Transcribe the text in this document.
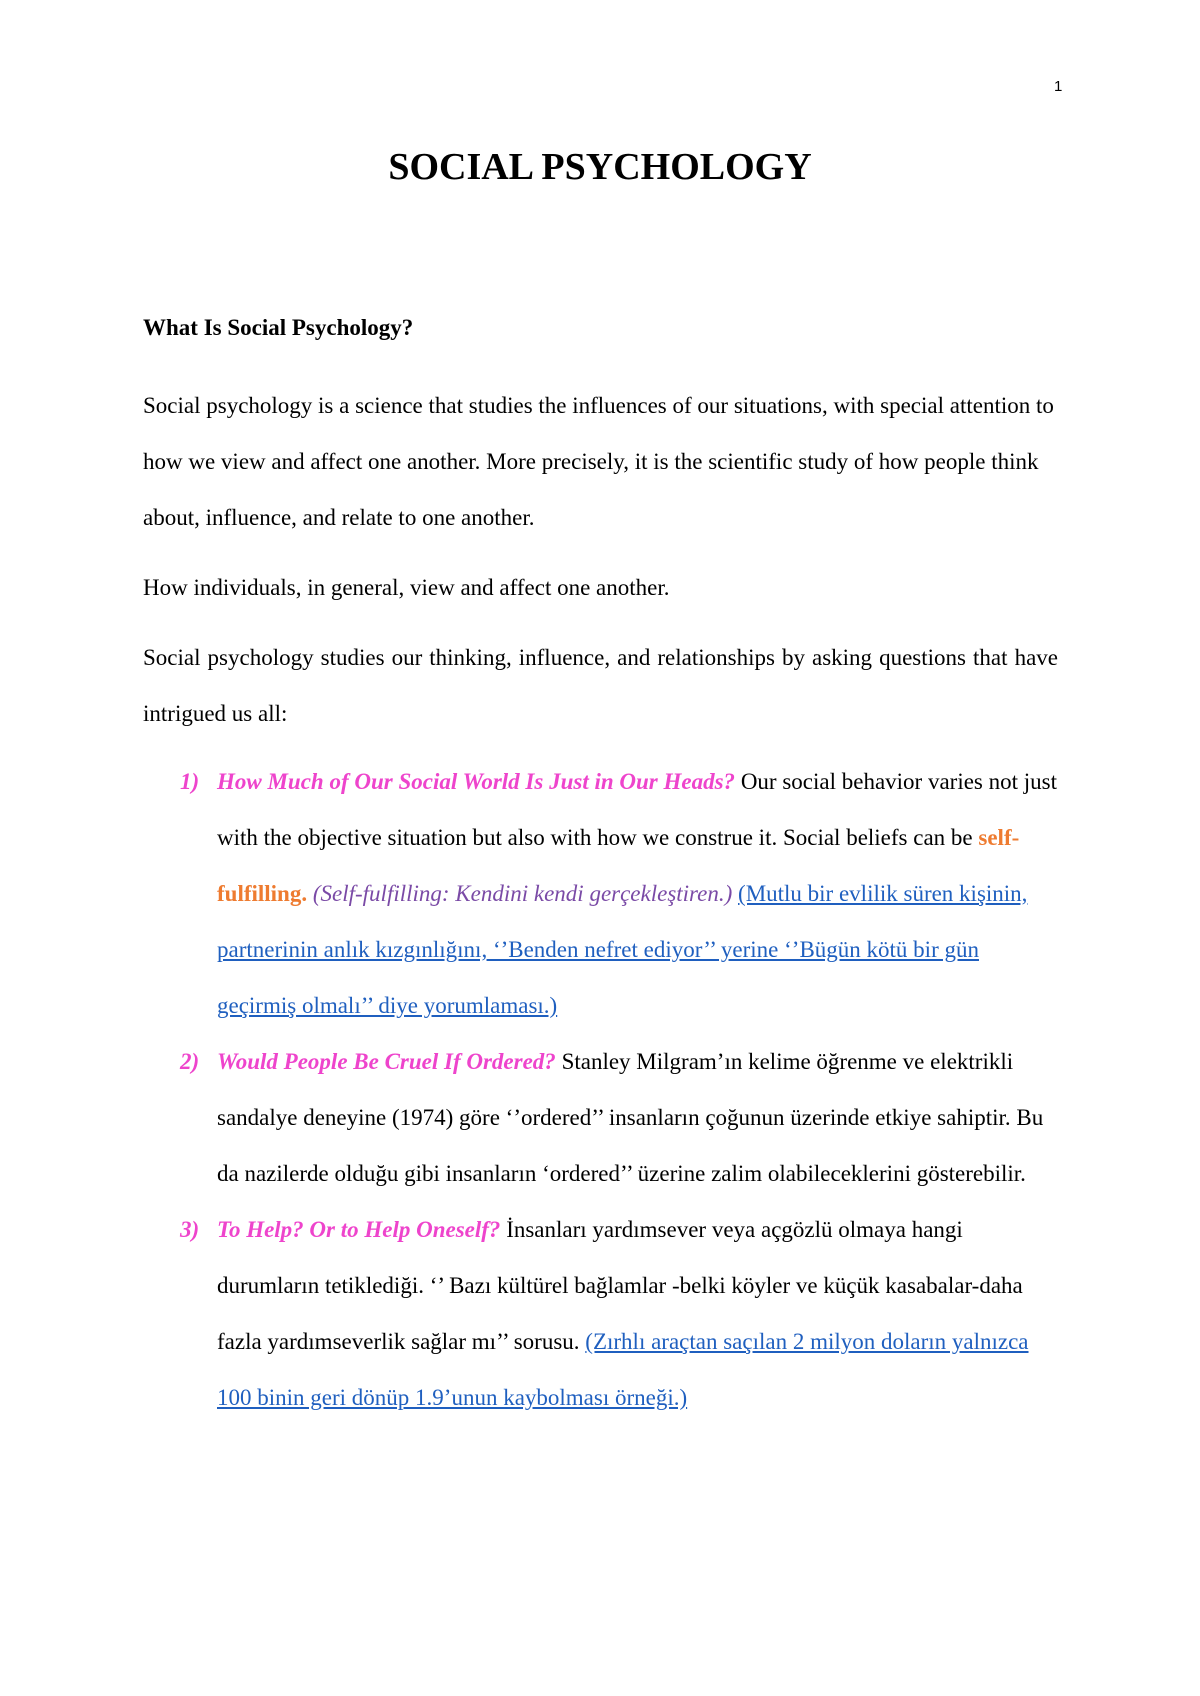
1
SOCIAL PSYCHOLOGY
What Is Social Psychology?

Social psychology is a science that studies the influences of our situations, with special attention to how we view and affect one another. More precisely, it is the scientific study of how people think about, influence, and relate to one another.

How individuals, in general, view and affect one another.

Social psychology studies our thinking, influence, and relationships by asking questions that have intrigued us all:

1) How Much of Our Social World Is Just in Our Heads? Our social behavior varies not just with the objective situation but also with how we construe it. Social beliefs can be self-fulfilling. (Self-fulfilling: Kendini kendi gerçekleştiren.) (Mutlu bir evlilik süren kişinin, partnerinin anlık kızgınlığını, ‘’Benden nefret ediyor’’ yerine ‘’Bügün kötü bir gün geçirmiş olmalı’’ diye yorumlaması.)
2) Would People Be Cruel If Ordered? Stanley Milgram’ın kelime öğrenme ve elektrikli sandalye deneyine (1974) göre ‘’ordered’’ insanların çoğunun üzerinde etkiye sahiptir. Bu da nazilerde olduğu gibi insanların ‘ordered’’ üzerine zalim olabileceklerini gösterebilir.
3) To Help? Or to Help Oneself? İnsanları yardımsever veya açgözlü olmaya hangi durumların tetiklediği. ‘’ Bazı kültürel bağlamlar -belki köyler ve küçük kasabalar-daha fazla yardımseverlik sağlar mı’’ sorusu. (Zırhlı araçtan saçılan 2 milyon doların yalnızca 100 binin geri dönüp 1.9’unun kaybolması örneği.)
